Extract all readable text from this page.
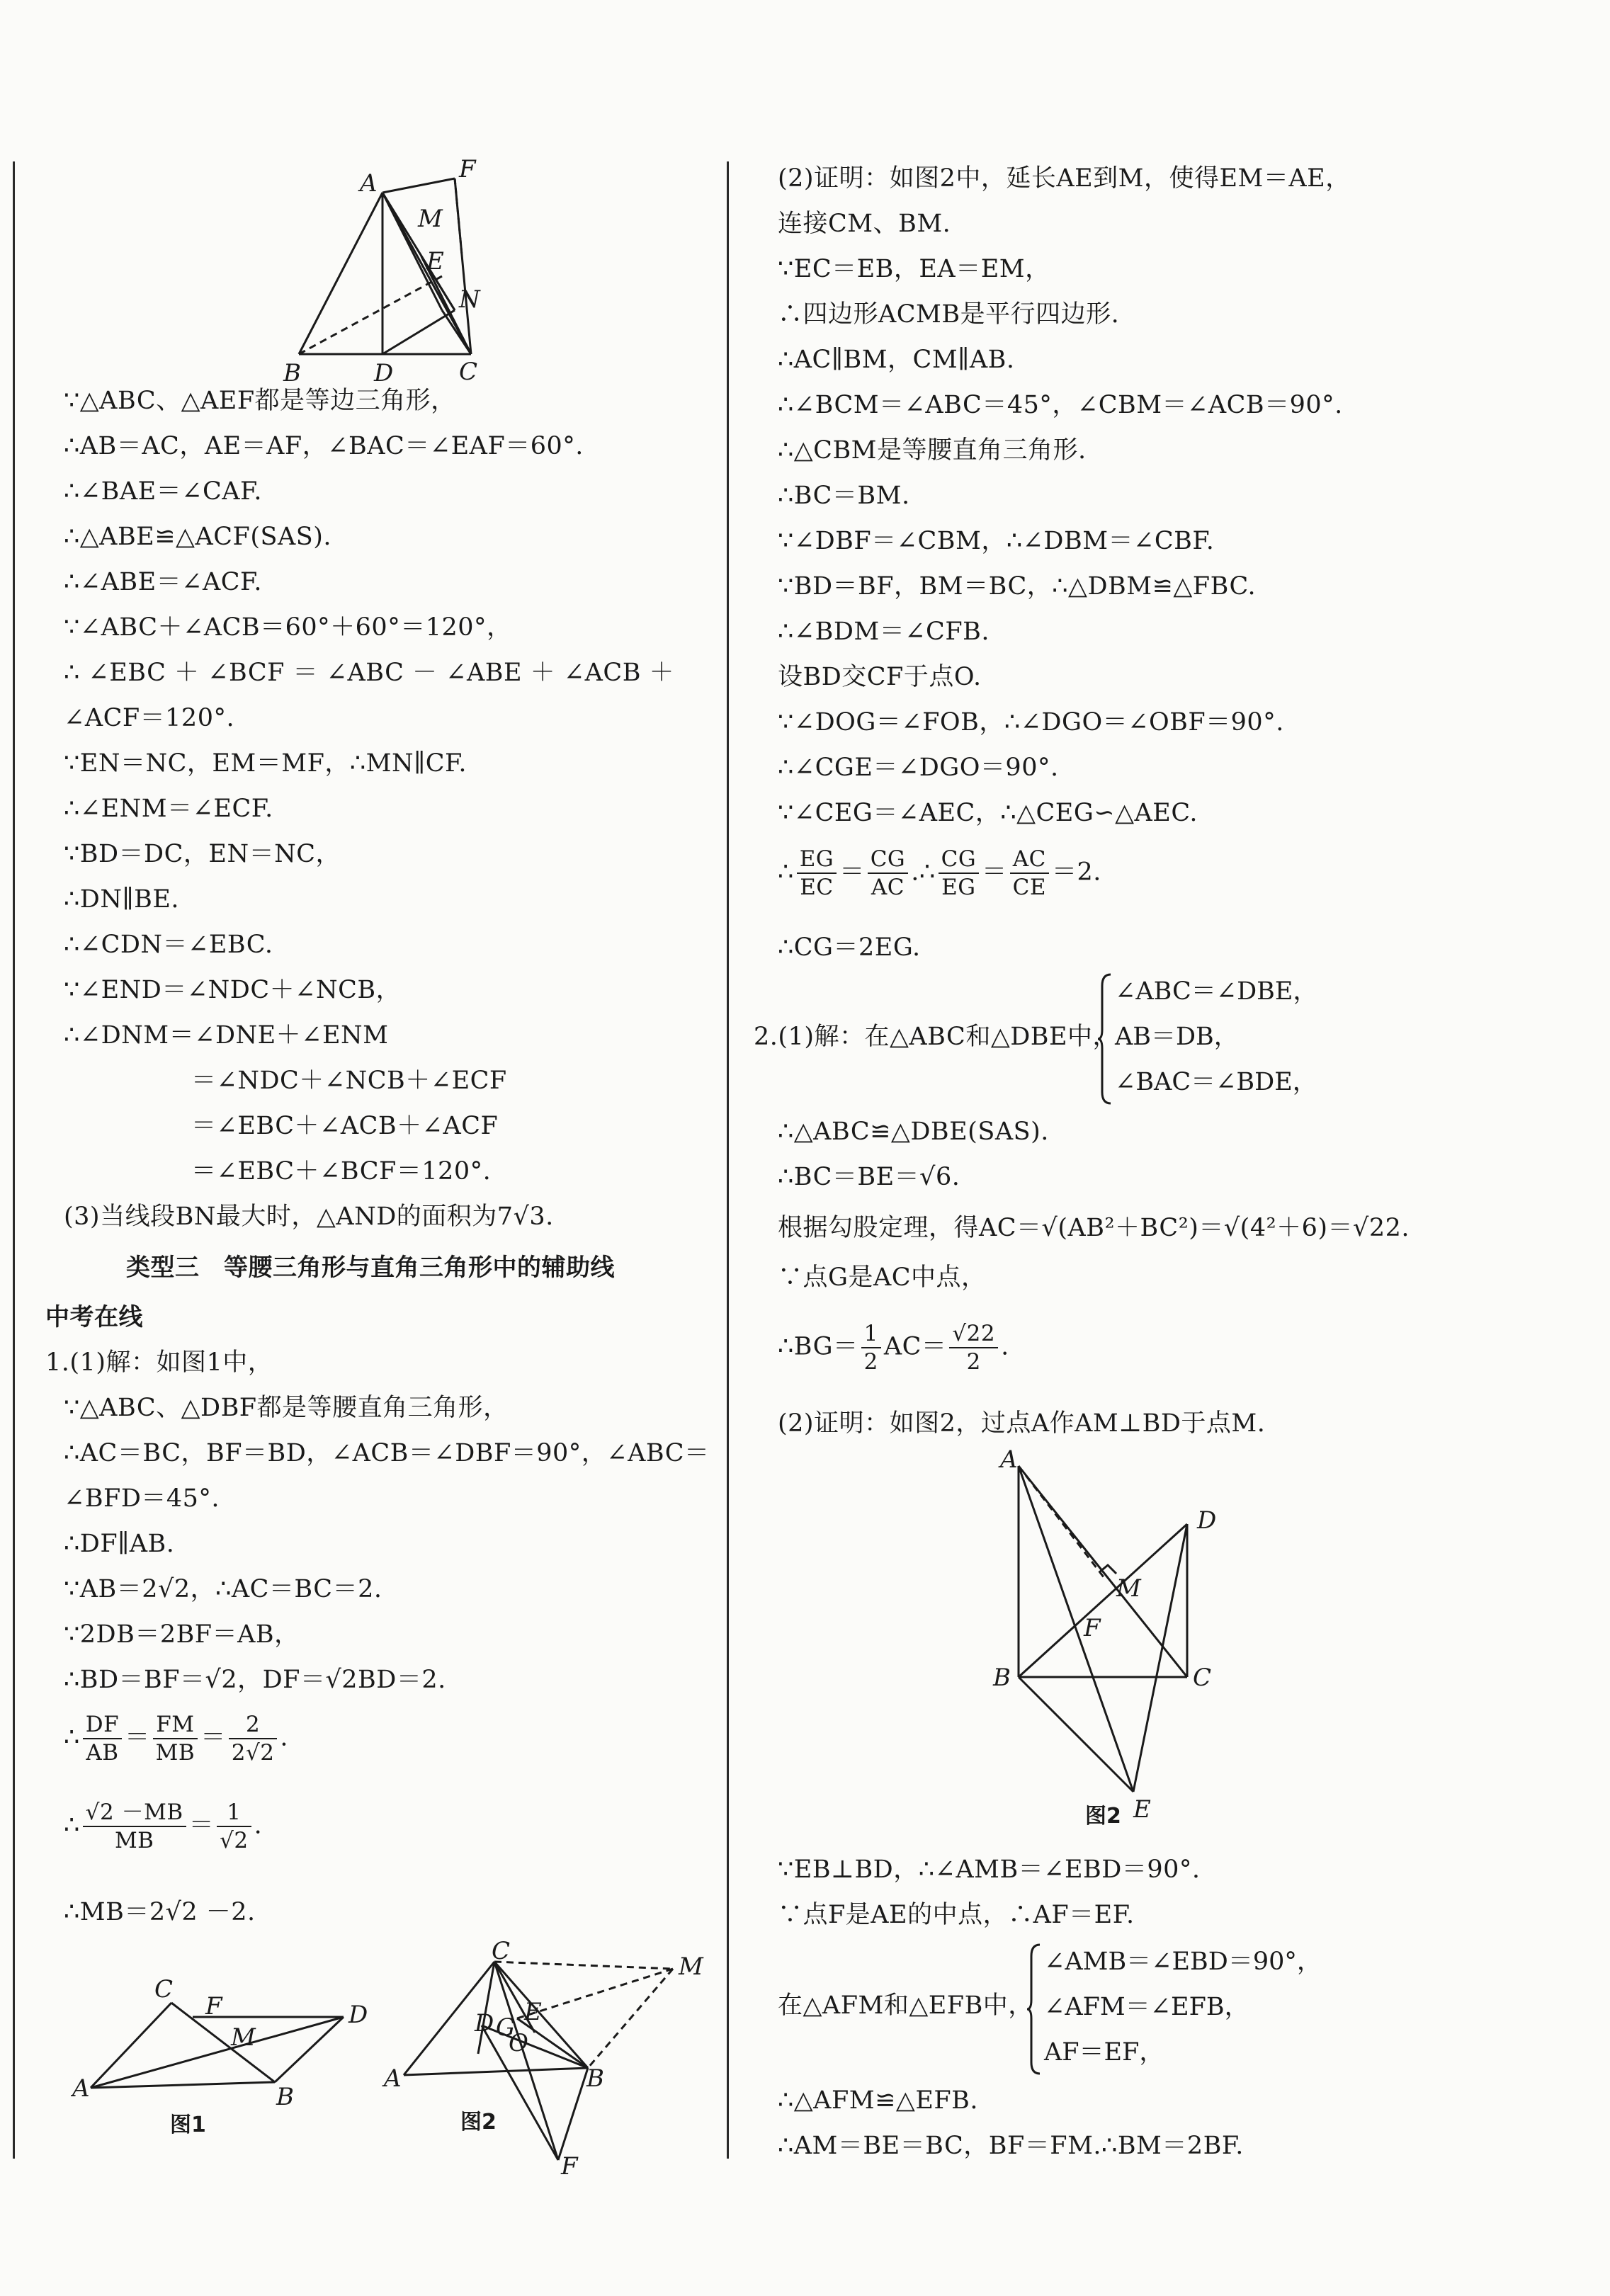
A	F
M
E
N
B	D	C
∵△ABC、△AEF都是等边三角形，
∴AB＝AC，AE＝AF，∠BAC＝∠EAF＝60°.
∴∠BAE＝∠CAF.
∴△ABE≌△ACF(SAS).
∴∠ABE＝∠ACF.
∵∠ABC＋∠ACB＝60°＋60°＝120°，
∴ ∠EBC ＋ ∠BCF ＝ ∠ABC － ∠ABE ＋ ∠ACB ＋
∠ACF＝120°.
∵EN＝NC，EM＝MF，∴MN∥CF.
∴∠ENM＝∠ECF.
∵BD＝DC，EN＝NC，
∴DN∥BE.
∴∠CDN＝∠EBC.
∵∠END＝∠NDC＋∠NCB，
∴∠DNM＝∠DNE＋∠ENM
＝∠NDC＋∠NCB＋∠ECF
＝∠EBC＋∠ACB＋∠ACF
＝∠EBC＋∠BCF＝120°.
(3)当线段BN最大时，△AND的面积为7√3.
类型三　等腰三角形与直角三角形中的辅助线
中考在线
1.(1)解：如图1中，
∵△ABC、△DBF都是等腰直角三角形，
∴AC＝BC，BF＝BD，∠ACB＝∠DBF＝90°，∠ABC＝
∠BFD＝45°.
∴DF∥AB.
∵AB＝2√2，∴AC＝BC＝2.
∵2DB＝2BF＝AB，
∴BD＝BF＝√2，DF＝√2BD＝2.
∴ $\frac{DF}{AB} = \frac{FM}{MB} = \frac{2}{2√2}$ .
∴ $\frac{√2 -MB}{MB} = \frac{1}{√2}$ .
∴MB＝2√2 －2.
C
F	D
M
A	B
图1
C
M
E
D G
O
A	B
F
图2
(2)证明：如图2中，延长AE到M，使得EM＝AE，
连接CM、BM.
∵EC＝EB，EA＝EM，
∴四边形ACMB是平行四边形.
∴AC∥BM，CM∥AB.
∴∠BCM＝∠ABC＝45°，∠CBM＝∠ACB＝90°.
∴△CBM是等腰直角三角形.
∴BC＝BM.
∵∠DBF＝∠CBM，∴∠DBM＝∠CBF.
∵BD＝BF，BM＝BC，∴△DBM≌△FBC.
∴∠BDM＝∠CFB.
设BD交CF于点O.
∵∠DOG＝∠FOB，∴∠DGO＝∠OBF＝90°.
∴∠CGE＝∠DGO＝90°.
∵∠CEG＝∠AEC，∴△CEG∽△AEC.
∴ $\frac{EG}{EC} = \frac{CG}{AC}$ .∴ $\frac{CG}{EG} = \frac{AC}{CE} =2$.
∴CG＝2EG.
2.(1)解：在△ABC和△DBE中，
∠ABC＝∠DBE，
AB＝DB，
∠BAC＝∠BDE，
∴△ABC≌△DBE(SAS).
∴BC＝BE＝√6.
根据勾股定理，得AC＝√(AB²＋BC²)＝√(4²＋6)＝√22.
∵点G是AC中点，
∴BG＝ $\frac{1}{2} AC= \frac{√22}{2}$ .
(2)证明：如图2，过点A作AM⊥BD于点M.
A
D
M
F
B	C
E
图2
∵EB⊥BD，∴∠AMB＝∠EBD＝90°.
∵点F是AE的中点，∴AF＝EF.
在△AFM和△EFB中，
∠AMB＝∠EBD＝90°，
∠AFM＝∠EFB，
AF＝EF，
∴△AFM≌△EFB.
∴AM＝BE＝BC，BF＝FM.∴BM＝2BF.
